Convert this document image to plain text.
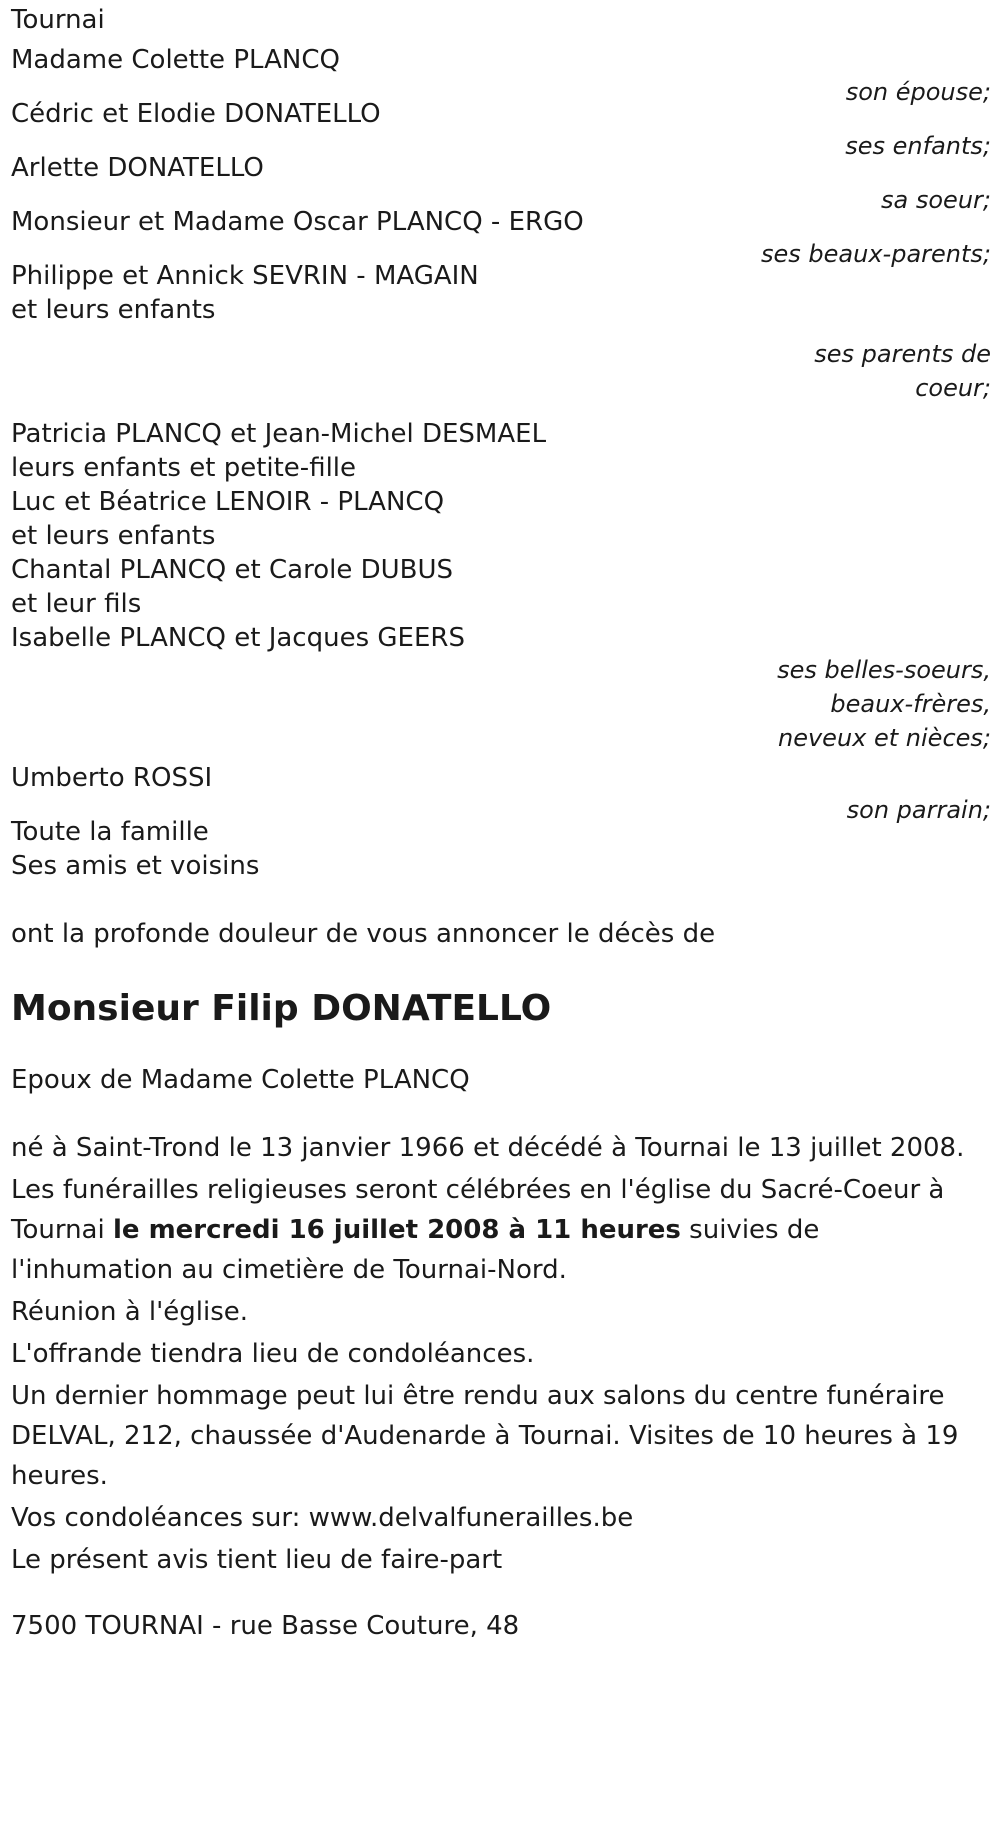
Tournai
Madame Colette PLANCQ
son épouse;
Cédric et Elodie DONATELLO
ses enfants;
Arlette DONATELLO
sa soeur;
Monsieur et Madame Oscar PLANCQ - ERGO
ses beaux-parents;
Philippe et Annick SEVRIN - MAGAIN
et leurs enfants
ses parents de
coeur;
Patricia PLANCQ et Jean-Michel DESMAEL
leurs enfants et petite-fille
Luc et Béatrice LENOIR - PLANCQ
et leurs enfants
Chantal PLANCQ et Carole DUBUS
et leur fils
Isabelle PLANCQ et Jacques GEERS
ses belles-soeurs,
beaux-frères,
neveux et nièces;
Umberto ROSSI
son parrain;
Toute la famille
Ses amis et voisins
ont la profonde douleur de vous annoncer le décès de
Monsieur Filip DONATELLO
Epoux de Madame Colette PLANCQ
né à Saint-Trond le 13 janvier 1966 et décédé à Tournai le 13 juillet 2008.
Les funérailles religieuses seront célébrées en l'église du Sacré-Coeur à Tournai le mercredi 16 juillet 2008 à 11 heures suivies de l'inhumation au cimetière de Tournai-Nord.
Réunion à l'église.
L'offrande tiendra lieu de condoléances.
Un dernier hommage peut lui être rendu aux salons du centre funéraire DELVAL, 212, chaussée d'Audenarde à Tournai. Visites de 10 heures à 19 heures.
Vos condoléances sur: www.delvalfunerailles.be
Le présent avis tient lieu de faire-part
7500 TOURNAI - rue Basse Couture, 48
